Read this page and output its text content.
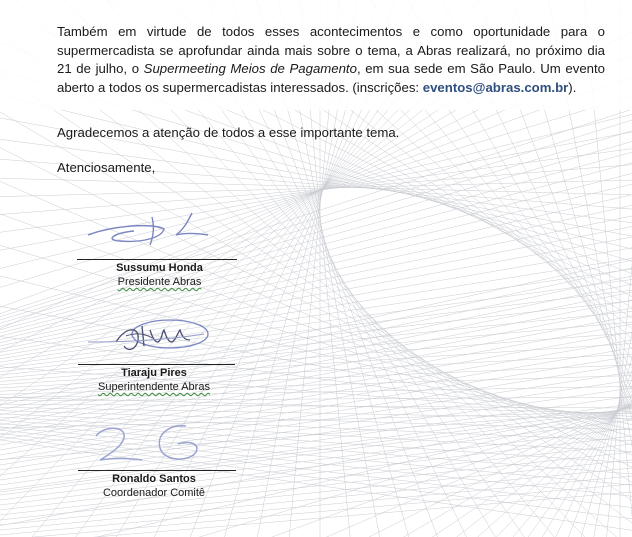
Também em virtude de todos esses acontecimentos e como oportunidade para o supermercadista se aprofundar ainda mais sobre o tema, a Abras realizará, no próximo dia 21 de julho, o Supermeeting Meios de Pagamento, em sua sede em São Paulo. Um evento aberto a todos os supermercadistas interessados. (inscrições: eventos@abras.com.br).

Agradecemos a atenção de todos a esse importante tema.

Atenciosamente,

Sussumu Honda
Presidente Abras
Tiaraju Pires
Superintendente Abras
Ronaldo Santos
Coordenador Comitê
